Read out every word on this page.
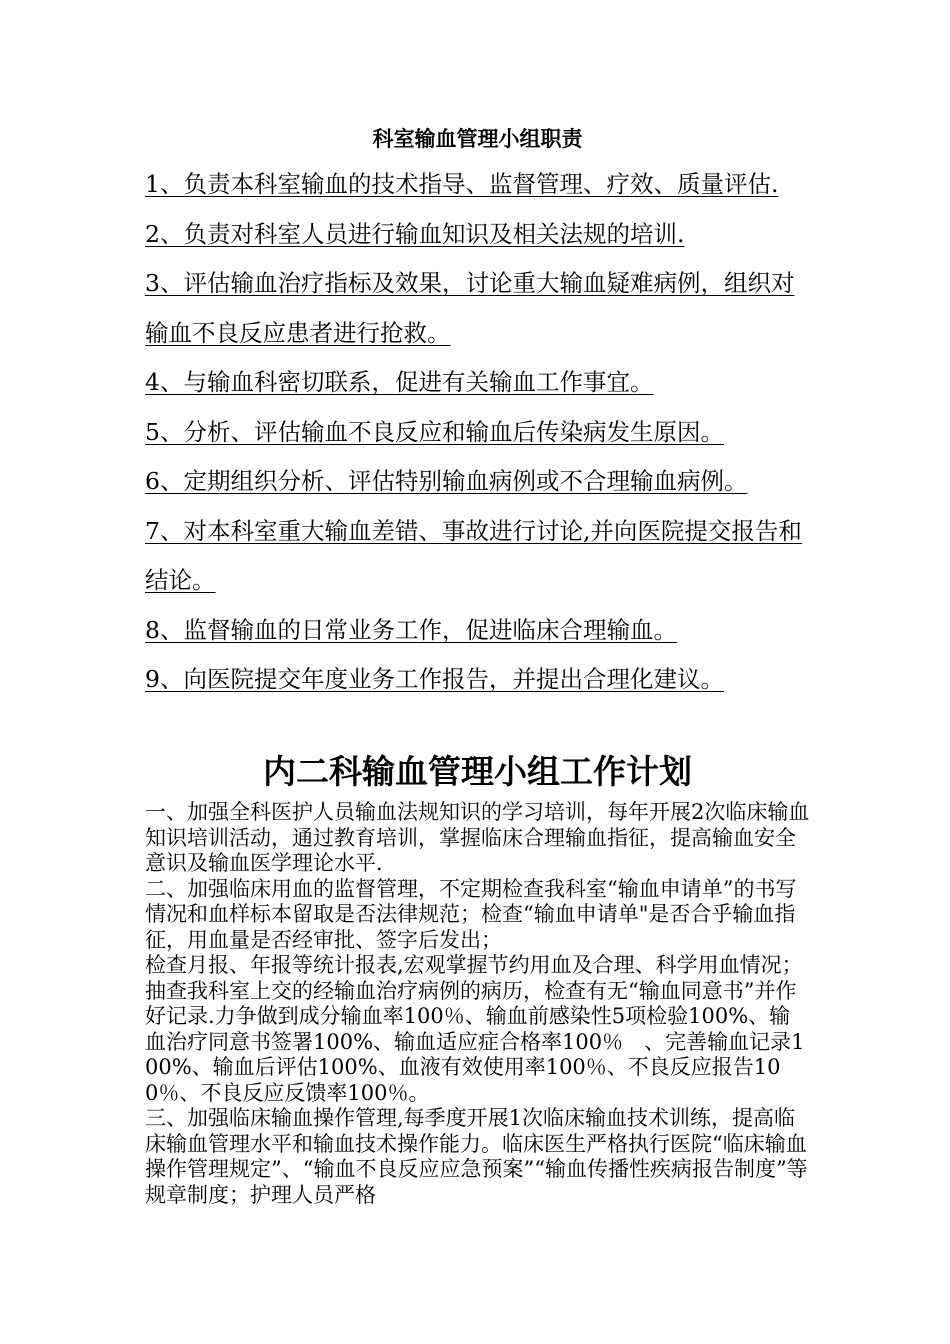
科室输血管理小组职责

1、负责本科室输血的技术指导、监督管理、疗效、质量评估.

2、负责对科室人员进行输血知识及相关法规的培训.

3、评估输血治疗指标及效果，讨论重大输血疑难病例，组织对输血不良反应患者进行抢救。

4、与输血科密切联系，促进有关输血工作事宜。

5、分析、评估输血不良反应和输血后传染病发生原因。

6、定期组织分析、评估特别输血病例或不合理输血病例。

7、对本科室重大输血差错、事故进行讨论,并向医院提交报告和结论。

8、监督输血的日常业务工作，促进临床合理输血。

9、向医院提交年度业务工作报告，并提出合理化建议。

内二科输血管理小组工作计划

一、加强全科医护人员输血法规知识的学习培训，每年开展2次临床输血知识培训活动，通过教育培训，掌握临床合理输血指征，提高输血安全意识及输血医学理论水平.

二、加强临床用血的监督管理，不定期检查我科室“输血申请单”的书写情况和血样标本留取是否法律规范；检查“输血申请单"是否合乎输血指征，用血量是否经审批、签字后发出；

检查月报、年报等统计报表,宏观掌握节约用血及合理、科学用血情况；　抽查我科室上交的经输血治疗病例的病历，检查有无“输血同意书”并作好记录.力争做到成分输血率100％、输血前感染性5项检验100%、输血治疗同意书签署100%、输血适应症合格率100％　、完善输血记录100%、输血后评估100%、血液有效使用率100％、不良反应报告100％、不良反应反馈率100％。

三、加强临床输血操作管理,每季度开展1次临床输血技术训练，提高临床输血管理水平和输血技术操作能力。临床医生严格执行医院“临床输血操作管理规定”、“输血不良反应应急预案”“输血传播性疾病报告制度”等规章制度；护理人员严格
